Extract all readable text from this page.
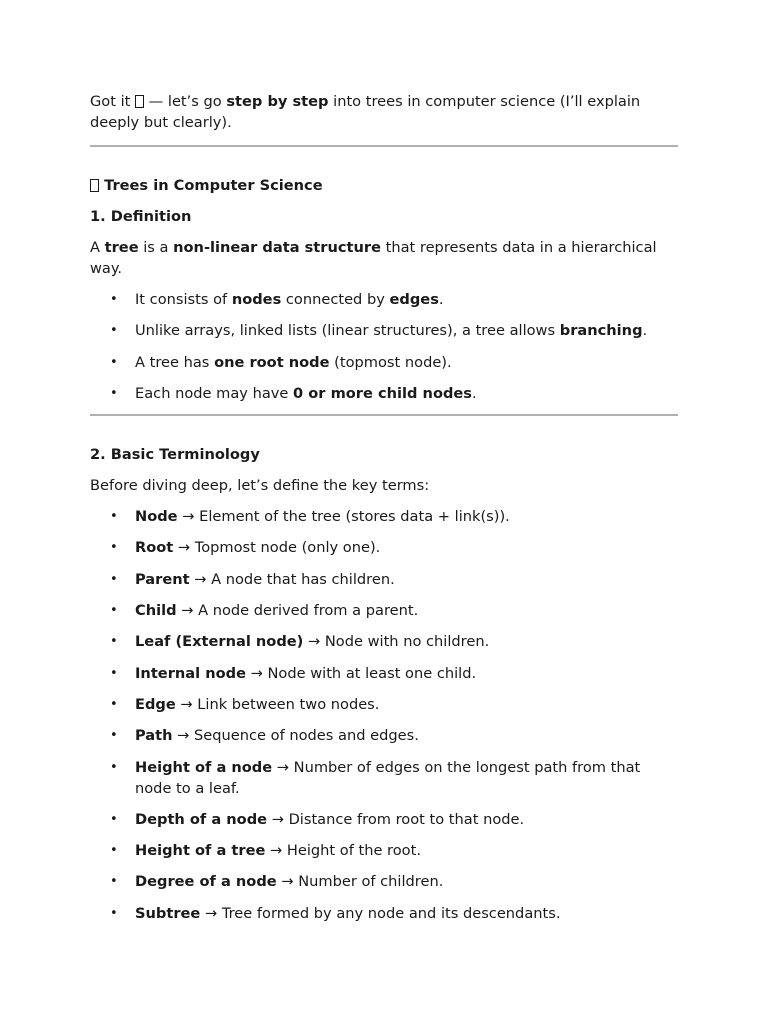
Got it  — let’s go step by step into trees in computer science (I’ll explain deeply but clearly).

Trees in Computer Science
1. Definition

A tree is a non-linear data structure that represents data in a hierarchical way.

• It consists of nodes connected by edges.
• Unlike arrays, linked lists (linear structures), a tree allows branching.
• A tree has one root node (topmost node).
• Each node may have 0 or more child nodes.
2. Basic Terminology

Before diving deep, let’s define the key terms:

• Node → Element of the tree (stores data + link(s)).
• Root → Topmost node (only one).
• Parent → A node that has children.
• Child → A node derived from a parent.
• Leaf (External node) → Node with no children.
• Internal node → Node with at least one child.
• Edge → Link between two nodes.
• Path → Sequence of nodes and edges.
• Height of a node → Number of edges on the longest path from that node to a leaf.
• Depth of a node → Distance from root to that node.
• Height of a tree → Height of the root.
• Degree of a node → Number of children.
• Subtree → Tree formed by any node and its descendants.
